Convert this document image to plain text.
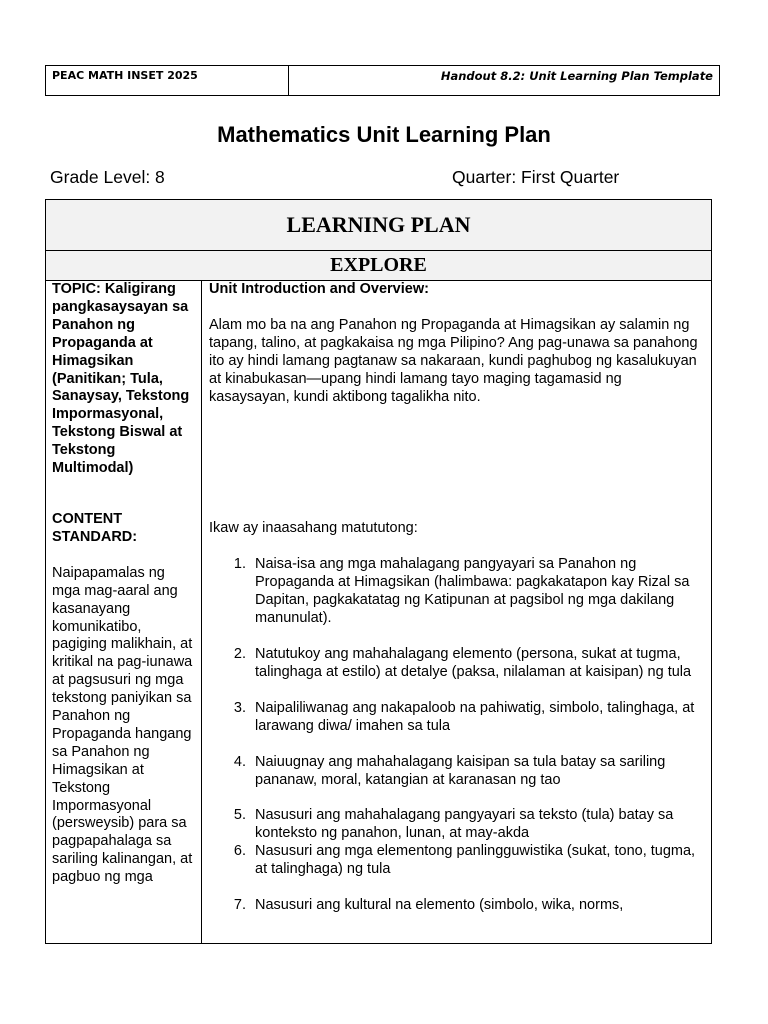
PEAC MATH INSET 2025	Handout 8.2: Unit Learning Plan Template
Mathematics Unit Learning Plan
Grade Level: 8	Quarter: First Quarter
LEARNING PLAN
EXPLORE
TOPIC: Kaligirang pangkasaysayan sa Panahon ng Propaganda at Himagsikan (Panitikan; Tula, Sanaysay, Tekstong Impormasyonal, Tekstong Biswal at Tekstong Multimodal)
CONTENT STANDARD:
Naipapamalas ng mga mag-aaral ang kasanayang komunikatibo, pagiging malikhain, at kritikal na pag-iunawa at pagsusuri ng mga tekstong paniyikan sa Panahon ng Propaganda hangang sa Panahon ng Himagsikan at Tekstong Impormasyonal (persweysib) para sa pagpapahalaga sa sariling kalinangan, at pagbuo ng mga
Unit Introduction and Overview:
Alam mo ba na ang Panahon ng Propaganda at Himagsikan ay salamin ng tapang, talino, at pagkakaisa ng mga Pilipino? Ang pag-unawa sa panahong ito ay hindi lamang pagtanaw sa nakaraan, kundi paghubog ng kasalukuyan at kinabukasan—upang hindi lamang tayo maging tagamasid ng kasaysayan, kundi aktibong tagalikha nito.
Ikaw ay inaasahang matututong:
1. Naisa-isa ang mga mahalagang pangyayari sa Panahon ng Propaganda at Himagsikan (halimbawa: pagkakatapon kay Rizal sa Dapitan, pagkakatatag ng Katipunan at pagsibol ng mga dakilang manunulat).
2. Natutukoy ang mahahalagang elemento (persona, sukat at tugma, talinghaga at estilo) at detalye (paksa, nilalaman at kaisipan) ng tula
3. Naipaliliwanag ang nakapaloob na pahiwatig, simbolo, talinghaga, at larawang diwa/ imahen sa tula
4. Naiuugnay ang mahahalagang kaisipan sa tula batay sa sariling pananaw, moral, katangian at karanasan ng tao
5. Nasusuri ang mahahalagang pangyayari sa teksto (tula) batay sa konteksto ng panahon, lunan, at may-akda
6. Nasusuri ang mga elementong panlingguwistika (sukat, tono, tugma, at talinghaga) ng tula
7. Nasusuri ang kultural na elemento (simbolo, wika, norms,
